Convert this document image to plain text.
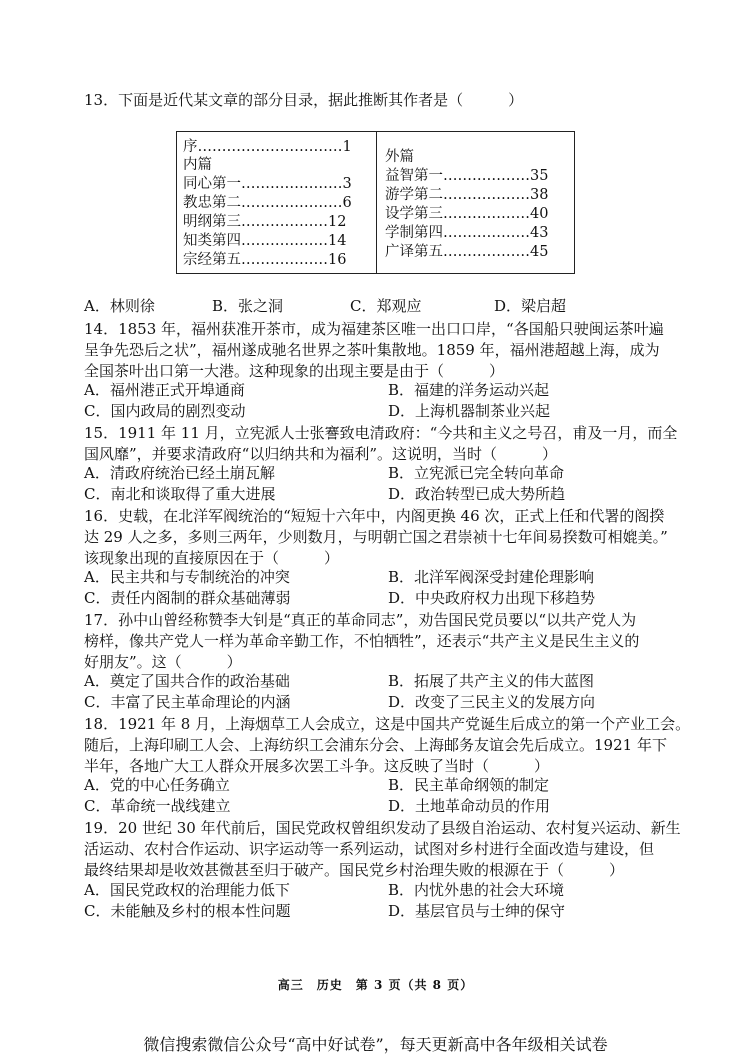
13．下面是近代某文章的部分目录，据此推断其作者是（　　　）
序…………………………1
内篇
同心第一…………………3
教忠第二…………………6
明纲第三………………12
知类第四………………14
宗经第五………………16
外篇
益智第一………………35
游学第二………………38
设学第三………………40
学制第四………………43
广译第五………………45
A．林则徐	B．张之洞	C．郑观应	D．梁启超
14．1853 年，福州获准开茶市，成为福建茶区唯一出口口岸，“各国船只驶闽运茶叶遍
呈争先恐后之状”，福州遂成驰名世界之茶叶集散地。1859 年，福州港超越上海，成为
全国茶叶出口第一大港。这种现象的出现主要是由于（　　　）
A．福州港正式开埠通商	B．福建的洋务运动兴起
C．国内政局的剧烈变动	D．上海机器制茶业兴起
15．1911 年 11 月，立宪派人士张謇致电清政府：“今共和主义之号召，甫及一月，而全
国风靡”，并要求清政府“以归纳共和为福利”。这说明，当时（　　　）
A．清政府统治已经土崩瓦解	B．立宪派已完全转向革命
C．南北和谈取得了重大进展	D．政治转型已成大势所趋
16．史载，在北洋军阀统治的“短短十六年中，内阁更换 46 次，正式上任和代署的阁揆
达 29 人之多，多则三两年，少则数月，与明朝亡国之君崇祯十七年间易揆数可相媲美。”
该现象出现的直接原因在于（　　　）
A．民主共和与专制统治的冲突	B．北洋军阀深受封建伦理影响
C．责任内阁制的群众基础薄弱	D．中央政府权力出现下移趋势
17．孙中山曾经称赞李大钊是“真正的革命同志”，劝告国民党员要以“以共产党人为
榜样，像共产党人一样为革命辛勤工作，不怕牺牲”，还表示“共产主义是民生主义的
好朋友”。这（　　　）
A．奠定了国共合作的政治基础	B．拓展了共产主义的伟大蓝图
C．丰富了民主革命理论的内涵	D．改变了三民主义的发展方向
18．1921 年 8 月，上海烟草工人会成立，这是中国共产党诞生后成立的第一个产业工会。
随后，上海印刷工人会、上海纺织工会浦东分会、上海邮务友谊会先后成立。1921 年下
半年，各地广大工人群众开展多次罢工斗争。这反映了当时（　　　）
A．党的中心任务确立	B．民主革命纲领的制定
C．革命统一战线建立	D．土地革命动员的作用
19．20 世纪 30 年代前后，国民党政权曾组织发动了县级自治运动、农村复兴运动、新生
活运动、农村合作运动、识字运动等一系列运动，试图对乡村进行全面改造与建设，但
最终结果却是收效甚微甚至归于破产。国民党乡村治理失败的根源在于（　　　）
A．国民党政权的治理能力低下	B．内忧外患的社会大环境
C．未能触及乡村的根本性问题	D．基层官员与士绅的保守
高三　历史　第 3 页（共 8 页）
微信搜索微信公众号“高中好试卷”，每天更新高中各年级相关试卷
